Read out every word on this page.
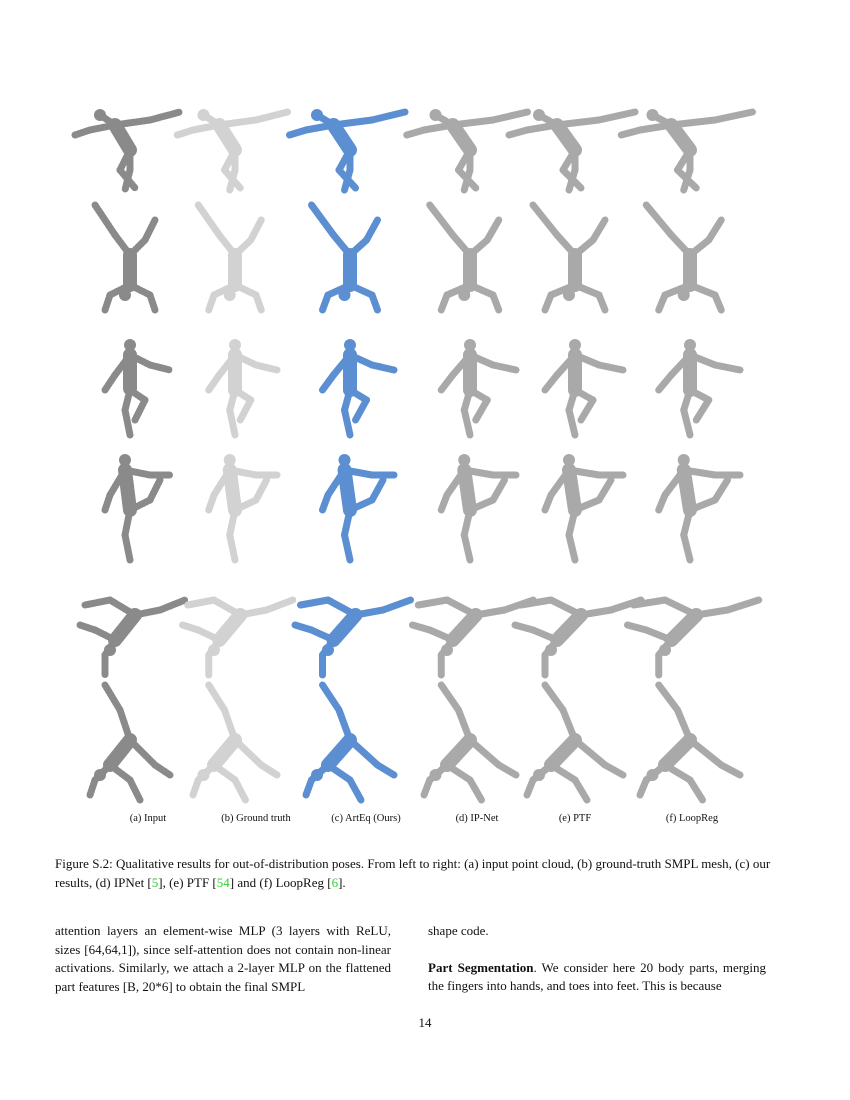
(a) Input	(b) Ground truth	(c) ArtEq (Ours)	(d) IP-Net	(e) PTF	(f) LoopReg
Figure S.2: Qualitative results for out-of-distribution poses. From left to right: (a) input point cloud, (b) ground-truth SMPL mesh, (c) our results, (d) IPNet [5], (e) PTF [54] and (f) LoopReg [6].

attention layers an element-wise MLP (3 layers with ReLU, sizes [64,64,1]), since self-attention does not contain non-linear activations. Similarly, we attach a 2-layer MLP on the flattened part features [B, 20*6] to obtain the final SMPL

shape code.

Part Segmentation. We consider here 20 body parts, merging the fingers into hands, and toes into feet. This is because

14
